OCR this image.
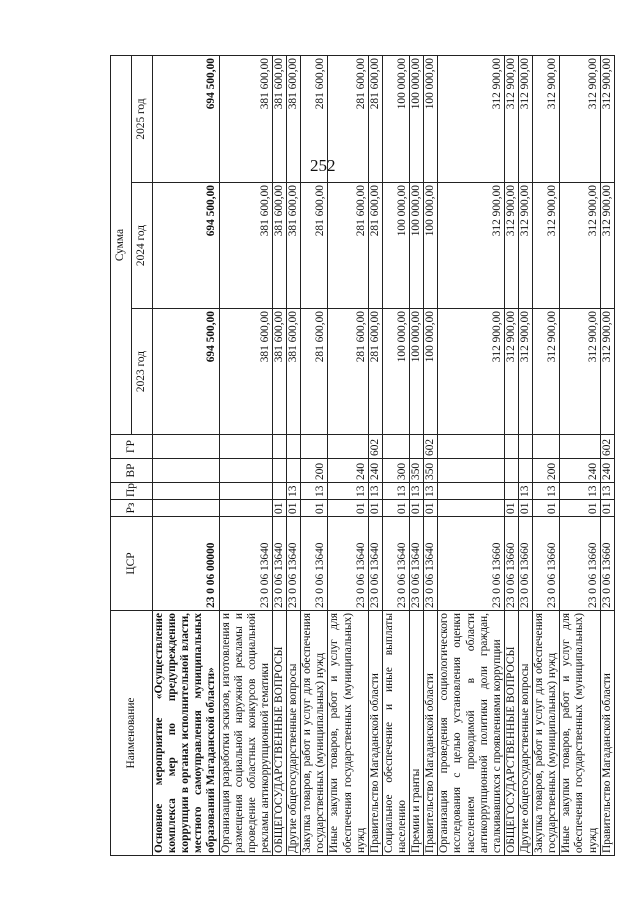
252
Наименование	ЦСР	Рз	Пр	ВР	ГР	Сумма		
						2023 год	2024 год	2025 год
Основное мероприятие «Осуществление комплекса мер по предупреждению коррупции в органах исполнительной власти, местного самоуправления муниципальных образований Магаданской области»	23 0 06 00000					694 500,00	694 500,00	694 500,00
Организация разработки эскизов, изготовления и размещения социальной наружной рекламы и проведение областных конкурсов социальной рекламы антикоррупционной тематики	23 0 06 13640					381 600,00	381 600,00	381 600,00
ОБЩЕГОСУДАРСТВЕННЫЕ ВОПРОСЫ	23 0 06 13640	01				381 600,00	381 600,00	381 600,00
Другие общегосударственные вопросы	23 0 06 13640	01	13			381 600,00	381 600,00	381 600,00
Закупка товаров, работ и услуг для обеспечения государственных (муниципальных) нужд	23 0 06 13640	01	13	200		281 600,00	281 600,00	281 600,00
Иные закупки товаров, работ и услуг для обеспечения государственных (муниципальных) нужд	23 0 06 13640	01	13	240		281 600,00	281 600,00	281 600,00
Правительство Магаданской области	23 0 06 13640	01	13	240	602	281 600,00	281 600,00	281 600,00
Социальное обеспечение и иные выплаты населению	23 0 06 13640	01	13	300		100 000,00	100 000,00	100 000,00
Премии и гранты	23 0 06 13640	01	13	350		100 000,00	100 000,00	100 000,00
Правительство Магаданской области	23 0 06 13640	01	13	350	602	100 000,00	100 000,00	100 000,00
Организация проведения социологического исследования с целью установления оценки населением проводимой в области антикоррупционной политики доли граждан, сталкивавшихся с проявлениями коррупции	23 0 06 13660					312 900,00	312 900,00	312 900,00
ОБЩЕГОСУДАРСТВЕННЫЕ ВОПРОСЫ	23 0 06 13660	01				312 900,00	312 900,00	312 900,00
Другие общегосударственные вопросы	23 0 06 13660	01	13			312 900,00	312 900,00	312 900,00
Закупка товаров, работ и услуг для обеспечения государственных (муниципальных) нужд	23 0 06 13660	01	13	200		312 900,00	312 900,00	312 900,00
Иные закупки товаров, работ и услуг для обеспечения государственных (муниципальных) нужд	23 0 06 13660	01	13	240		312 900,00	312 900,00	312 900,00
Правительство Магаданской области	23 0 06 13660	01	13	240	602	312 900,00	312 900,00	312 900,00
